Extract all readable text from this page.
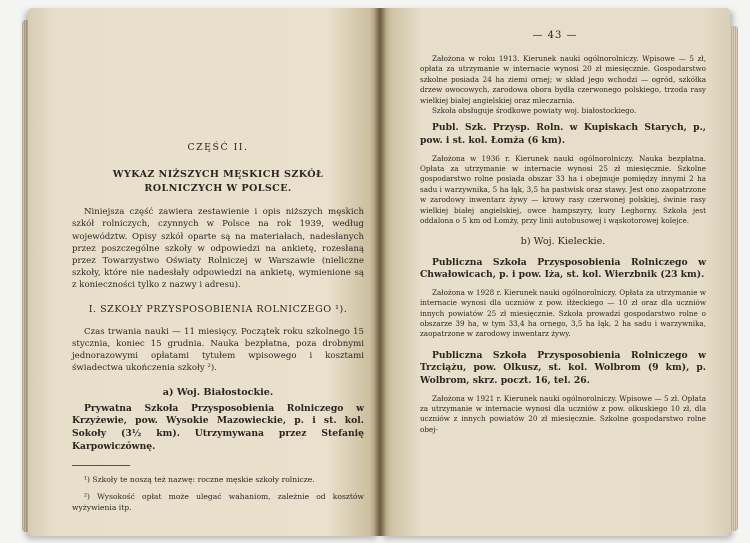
CZĘŚĆ II.

WYKAZ NIŻSZYCH MĘSKICH SZKÓŁ
ROLNICZYCH W POLSCE.

Niniejsza część zawiera zestawienie i opis niższych męskich szkół rolniczych, czynnych w Polsce na rok 1939, według województw. Opisy szkół oparte są na materiałach, nadesłanych przez poszczególne szkoły w odpowiedzi na ankietę, rozesłaną przez Towarzystwo Oświaty Rolniczej w Warszawie (nieliczne szkoły, które nie nadesłały odpowiedzi na ankietę, wymienione są z konieczności tylko z nazwy i adresu).

I. SZKOŁY PRZYSPOSOBIENIA ROLNICZEGO ¹).

Czas trwania nauki — 11 miesięcy. Początek roku szkolnego 15 stycznia, koniec 15 grudnia. Nauka bezpłatna, poza drobnymi jednorazowymi opłatami tytułem wpisowego i kosztami świadectwa ukończenia szkoły ²).

a) Woj. Białostockie.

Prywatna Szkoła Przysposobienia Rolniczego w Krzyżewie, pow. Wysokie Mazowieckie, p. i st. kol. Sokoły (3½ km). Utrzymywana przez Stefanię Karpowiczównę.

¹) Szkoły te noszą też nazwę: roczne męskie szkoły rolnicze.

²) Wysokość opłat może ulegać wahaniom, zależnie od kosztów wyżywienia itp.

— 43 —

Założona w roku 1913. Kierunek nauki ogólnorolniczy. Wpisowe — 5 zł, opłata za utrzymanie w internacie wynosi 20 zł miesięcznie. Gospodarstwo szkolne posiada 24 ha ziemi ornej; w skład jego wchodzi — ogród, szkółka drzew owocowych, zarodowa obora bydła czerwonego polskiego, trzoda rasy wielkiej białej angielskiej oraz mleczarnia.

Szkoła obsługuje środkowe powiaty woj. białostockiego.

Publ. Szk. Przysp. Roln. w Kupiskach Starych, p., pow. i st. kol. Łomża (6 km).

Założona w 1936 r. Kierunek nauki ogólnorolniczy. Nauka bezpłatna. Opłata za utrzymanie w internacie wynosi 25 zł miesięcznie. Szkolne gospodarstwo rolne posiada obszar 33 ha i obejmuje pomiędzy innymi 2 ha sadu i warzywnika, 5 ha łąk, 3,5 ha pastwisk oraz stawy. Jest ono zaopatrzone w zarodowy inwentarz żywy — krowy rasy czerwonej polskiej, świnie rasy wielkiej białej angielskiej, owce hampszyry, kury Leghorny. Szkoła jest oddalona o 5 km od Łomży, przy linii autobusowej i wąskotorowej kolejce.

b) Woj. Kieleckie.

Publiczna Szkoła Przysposobienia Rolniczego w Chwałowicach, p. i pow. Iża, st. kol. Wierzbnik (23 km).

Założona w 1928 r. Kierunek nauki ogólnorolniczy. Opłata za utrzymanie w internacie wynosi dla uczniów z pow. iłżeckiego — 10 zł oraz dla uczniów innych powiatów 25 zł miesięcznie. Szkoła prowadzi gospodarstwo rolne o obszarze 39 ha, w tym 33,4 ha ornego, 3,5 ha łąk, 2 ha sadu i warzywnika, zaopatrzone w zarodowy inwentarz żywy.

Publiczna Szkoła Przysposobienia Rolniczego w Trzciążu, pow. Olkusz, st. kol. Wolbrom (9 km), p. Wolbrom, skrz. poczt. 16, tel. 26.

Założona w 1921 r. Kierunek nauki ogólnorolniczy. Wpisowe — 5 zł. Opłata za utrzymanie w internacie wynosi dla uczniów z pow. olkuskiego 10 zł, dla uczniów z innych powiatów 20 zł miesięcznie. Szkolne gospodarstwo rolne obej-
